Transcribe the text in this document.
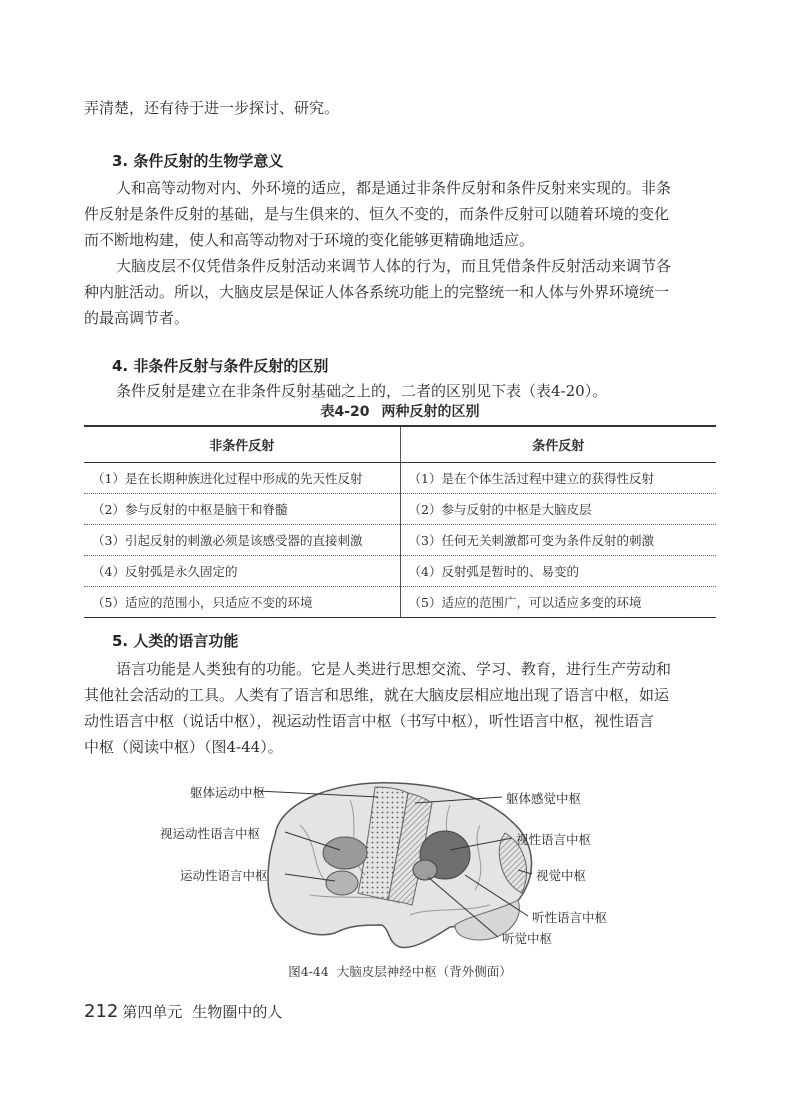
弄清楚，还有待于进一步探讨、研究。
3. 条件反射的生物学意义
人和高等动物对内、外环境的适应，都是通过非条件反射和条件反射来实现的。非条
件反射是条件反射的基础，是与生俱来的、恒久不变的，而条件反射可以随着环境的变化
而不断地构建，使人和高等动物对于环境的变化能够更精确地适应。
大脑皮层不仅凭借条件反射活动来调节人体的行为，而且凭借条件反射活动来调节各
种内脏活动。所以，大脑皮层是保证人体各系统功能上的完整统一和人体与外界环境统一
的最高调节者。
4. 非条件反射与条件反射的区别
条件反射是建立在非条件反射基础之上的，二者的区别见下表（表4-20）。
表4-20 两种反射的区别
非条件反射	条件反射
（1）是在长期种族进化过程中形成的先天性反射	（1）是在个体生活过程中建立的获得性反射
（2）参与反射的中枢是脑干和脊髓	（2）参与反射的中枢是大脑皮层
（3）引起反射的刺激必须是该感受器的直接刺激	（3）任何无关刺激都可变为条件反射的刺激
（4）反射弧是永久固定的	（4）反射弧是暂时的、易变的
（5）适应的范围小，只适应不变的环境	（5）适应的范围广，可以适应多变的环境
5. 人类的语言功能
语言功能是人类独有的功能。它是人类进行思想交流、学习、教育，进行生产劳动和
其他社会活动的工具。人类有了语言和思维，就在大脑皮层相应地出现了语言中枢，如运
动性语言中枢（说话中枢），视运动性语言中枢（书写中枢），听性语言中枢，视性语言
中枢（阅读中枢）（图4-44）。
躯体运动中枢
视运动性语言中枢
运动性语言中枢
躯体感觉中枢
视性语言中枢
视觉中枢
听性语言中枢
听觉中枢
图4-44 大脑皮层神经中枢（背外侧面）
212 第四单元 生物圈中的人
